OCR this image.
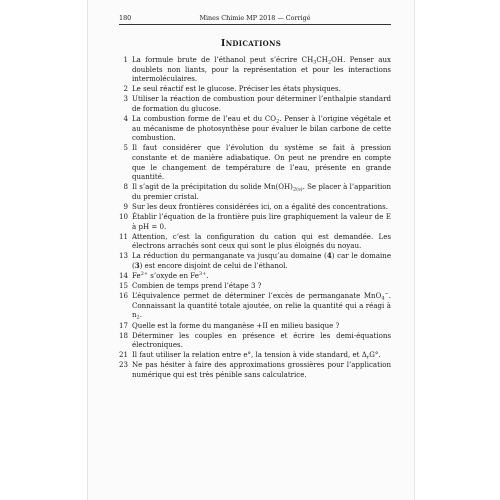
180	Mines Chimie MP 2018 — Corrigé
Indications
1 La formule brute de l’éthanol peut s’écrire $CH_3CH_2OH$. Penser aux doublets non liants, pour la représentation et pour les interactions intermoléculaires.
2 Le seul réactif est le glucose. Préciser les états physiques.
3 Utiliser la réaction de combustion pour déterminer l’enthalpie standard de formation du glucose.
4 La combustion forme de l’eau et du $CO_2$. Penser à l’origine végétale et au mécanisme de photosynthèse pour évaluer le bilan carbone de cette combustion.
5 Il faut considérer que l’évolution du système se fait à pression constante et de manière adiabatique. On peut ne prendre en compte que le changement de température de l’eau, présente en grande quantité.
8 Il s’agit de la précipitation du solide $Mn(OH)_{2(s)}$. Se placer à l’apparition du premier cristal.
9 Sur les deux frontières considérées ici, on a égalité des concentrations.
10 Établir l’équation de la frontière puis lire graphiquement la valeur de E à pH = 0.
11 Attention, c’est la configuration du cation qui est demandée. Les électrons arrachés sont ceux qui sont le plus éloignés du noyau.
13 La réduction du permanganate va jusqu’au domaine (4) car le domaine (3) est encore disjoint de celui de l’éthanol.
14 $Fe^{2+}$ s’oxyde en $Fe^{3+}$.
15 Combien de temps prend l’étape 3 ?
16 L’équivalence permet de déterminer l’excès de permanganate MnO$_4$−. Connaissant la quantité totale ajoutée, on relie la quantité qui a réagi à $n_2$.
17 Quelle est la forme du manganèse +II en milieu basique ?
18 Déterminer les couples en présence et écrire les demi-équations électroniques.
21 Il faut utiliser la relation entre e°, la tension à vide standard, et $\Delta_rG^\circ$.
23 Ne pas hésiter à faire des approximations grossières pour l’application numérique qui est très pénible sans calculatrice.
